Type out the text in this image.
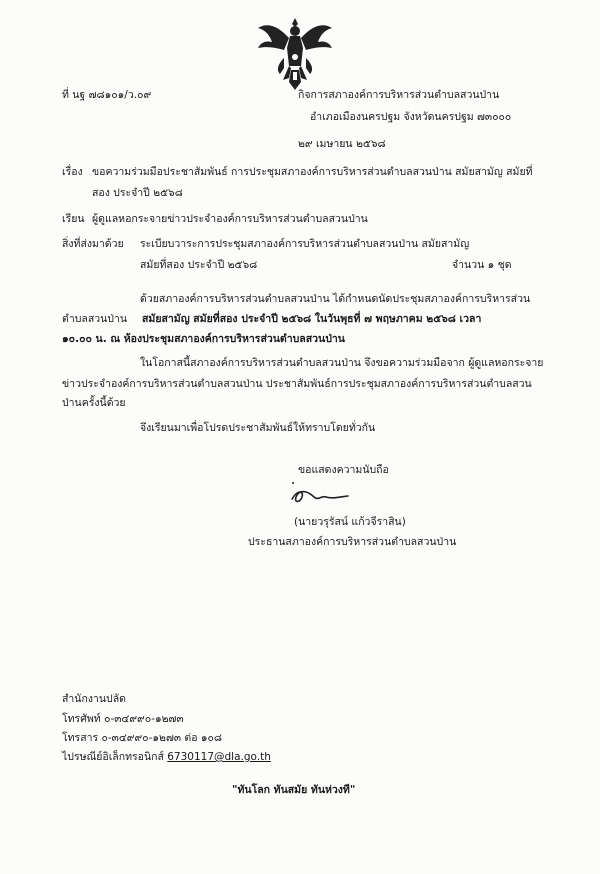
ที่ นฐ ๗๘๑๐๑/ว.๐๙	กิจการสภาองค์การบริหารส่วนตำบลสวนป่าน
อำเภอเมืองนครปฐม จังหวัดนครปฐม ๗๓๐๐๐
๒๙ เมษายน ๒๕๖๘
เรื่อง ขอความร่วมมือประชาสัมพันธ์ การประชุมสภาองค์การบริหารส่วนตำบลสวนป่าน สมัยสามัญ สมัยที่
สอง ประจำปี ๒๕๖๘
เรียน ผู้ดูแลหอกระจายข่าวประจำองค์การบริหารส่วนตำบลสวนป่าน
สิ่งที่ส่งมาด้วย ระเบียบวาระการประชุมสภาองค์การบริหารส่วนตำบลสวนป่าน สมัยสามัญ
สมัยที่สอง ประจำปี ๒๕๖๘	จำนวน ๑ ชุด
ด้วยสภาองค์การบริหารส่วนตำบลสวนป่าน ได้กำหนดนัดประชุมสภาองค์การบริหารส่วน
ตำบลสวนป่าน สมัยสามัญ สมัยที่สอง ประจำปี ๒๕๖๘ ในวันพุธที่ ๗ พฤษภาคม ๒๕๖๘ เวลา
๑๐.๐๐ น. ณ ห้องประชุมสภาองค์การบริหารส่วนตำบลสวนป่าน
ในโอกาสนี้สภาองค์การบริหารส่วนตำบลสวนป่าน จึงขอความร่วมมือจาก ผู้ดูแลหอกระจาย
ข่าวประจำองค์การบริหารส่วนตำบลสวนป่าน ประชาสัมพันธ์การประชุมสภาองค์การบริหารส่วนตำบลสวน
ป่านครั้งนี้ด้วย
จึงเรียนมาเพื่อโปรดประชาสัมพันธ์ให้ทราบโดยทั่วกัน
ขอแสดงความนับถือ
(นายวรุรัสน์ แก้วจีราสิน)
ประธานสภาองค์การบริหารส่วนตำบลสวนป่าน
สำนักงานปลัด
โทรศัพท์ ๐-๓๔๙๙๐-๑๒๗๓
โทรสาร ๐-๓๔๙๙๐-๑๒๗๓ ต่อ ๑๐๘
ไปรษณีย์อิเล็กทรอนิกส์ 6730117@dla.go.th
"ทันโลก ทันสมัย ทันห่วงที"
